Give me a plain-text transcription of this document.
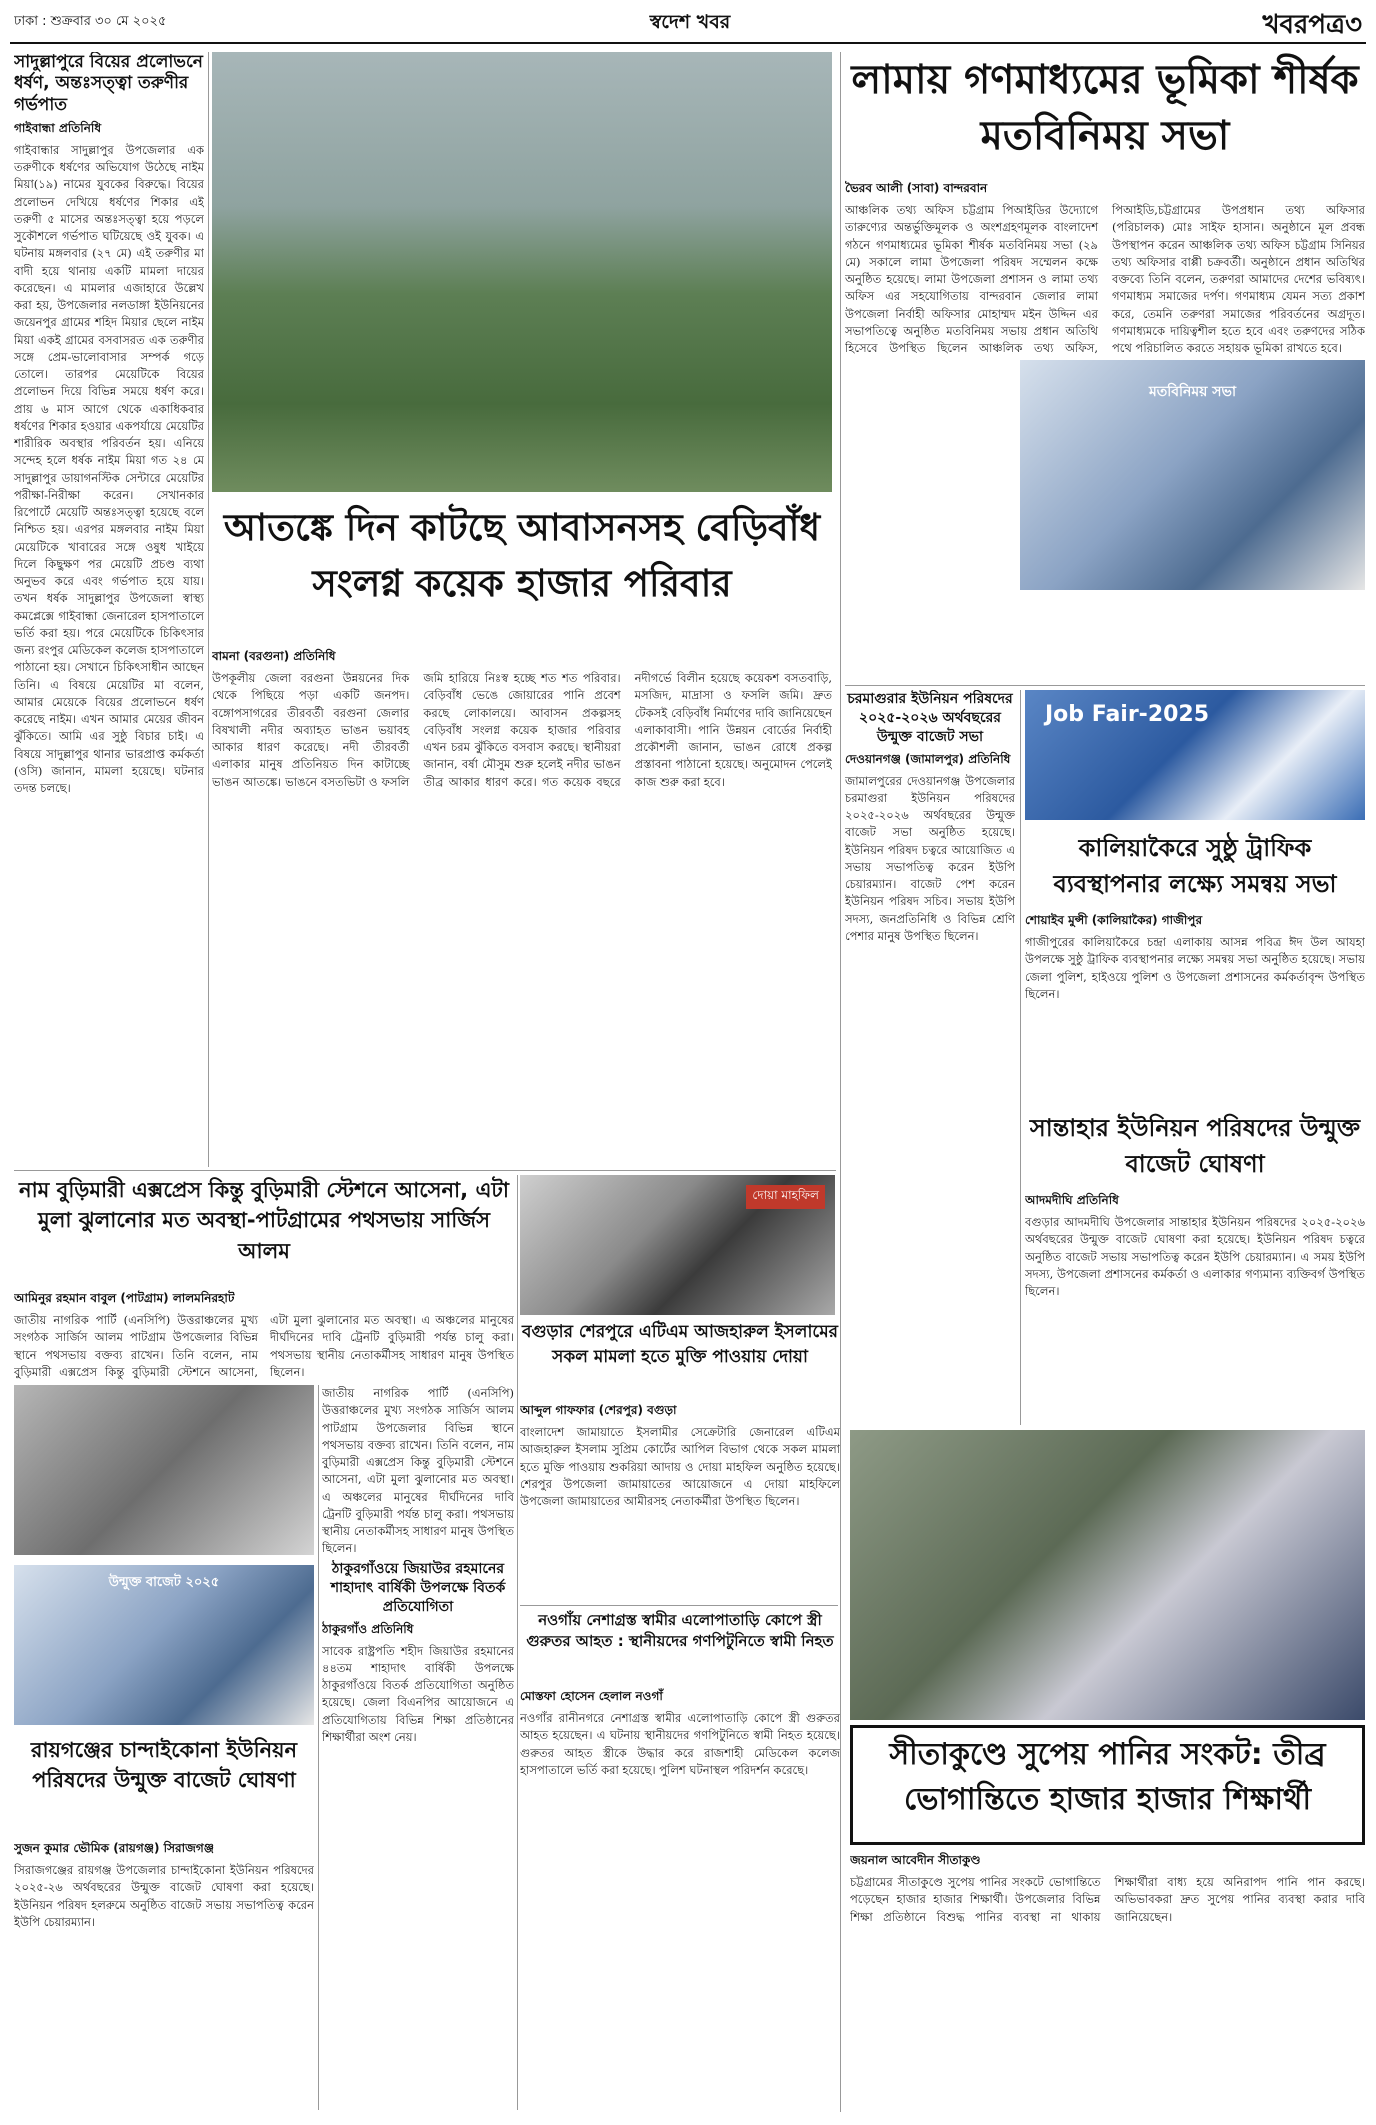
ঢাকা : শুক্রবার ৩০ মে ২০২৫	স্বদেশ খবর	খবরপত্র৩
সাদুল্লাপুরে বিয়ের প্রলোভনে ধর্ষণ, অন্তঃসত্ত্বা তরুণীর গর্ভপাত
গাইবান্ধা প্রতিনিধি
গাইবান্ধার সাদুল্লাপুর উপজেলার এক তরুণীকে ধর্ষণের অভিযোগ উঠেছে নাইম মিয়া(১৯) নামের যুবকের বিরুদ্ধে। বিয়ের প্রলোভন দেখিয়ে ধর্ষণের শিকার এই তরুণী ৫ মাসের অন্তঃসত্ত্বা হয়ে পড়লে সুকৌশলে গর্ভপাত ঘটিয়েছে ওই যুবক। এ ঘটনায় মঙ্গলবার (২৭ মে) এই তরুণীর মা বাদী হয়ে থানায় একটি মামলা দায়ের করেছেন। এ মামলার এজাহারে উল্লেখ করা হয়, উপজেলার নলডাঙ্গা ইউনিয়নের জয়েনপুর গ্রামের শহিদ মিয়ার ছেলে নাইম মিয়া একই গ্রামের বসবাসরত এক তরুণীর সঙ্গে প্রেম-ভালোবাসার সম্পর্ক গড়ে তোলে। তারপর মেয়েটিকে বিয়ের প্রলোভন দিয়ে বিভিন্ন সময়ে ধর্ষণ করে। প্রায় ৬ মাস আগে থেকে একাধিকবার ধর্ষণের শিকার হওয়ার একপর্যায়ে মেয়েটির শারীরিক অবস্থার পরিবর্তন হয়। এনিয়ে সন্দেহ হলে ধর্ষক নাইম মিয়া গত ২৪ মে সাদুল্লাপুর ডায়াগনস্টিক সেন্টারে মেয়েটির পরীক্ষা-নিরীক্ষা করেন। সেখানকার রিপোর্টে মেয়েটি অন্তঃসত্ত্বা হয়েছে বলে নিশ্চিত হয়। এরপর মঙ্গলবার নাইম মিয়া মেয়েটিকে খাবারের সঙ্গে ওষুধ খাইয়ে দিলে কিছুক্ষণ পর মেয়েটি প্রচণ্ড ব্যথা অনুভব করে এবং গর্ভপাত হয়ে যায়। তখন ধর্ষক সাদুল্লাপুর উপজেলা স্বাস্থ্য কমপ্লেক্সে গাইবান্ধা জেনারেল হাসপাতালে ভর্তি করা হয়। পরে মেয়েটিকে চিকিৎসার জন্য রংপুর মেডিকেল কলেজ হাসপাতালে পাঠানো হয়। সেখানে চিকিৎসাধীন আছেন তিনি। এ বিষয়ে মেয়েটির মা বলেন, আমার মেয়েকে বিয়ের প্রলোভনে ধর্ষণ করেছে নাইম। এখন আমার মেয়ের জীবন ঝুঁকিতে। আমি এর সুষ্ঠু বিচার চাই। এ বিষয়ে সাদুল্লাপুর থানার ভারপ্রাপ্ত কর্মকর্তা (ওসি) জানান, মামলা হয়েছে। ঘটনার তদন্ত চলছে।
আতঙ্কে দিন কাটছে আবাসনসহ বেড়িবাঁধ সংলগ্ন কয়েক হাজার পরিবার
বামনা (বরগুনা) প্রতিনিধি
উপকূলীয় জেলা বরগুনা উন্নয়নের দিক থেকে পিছিয়ে পড়া একটি জনপদ। বঙ্গোপসাগরের তীরবর্তী বরগুনা জেলার বিষখালী নদীর অব্যাহত ভাঙন ভয়াবহ আকার ধারণ করেছে। নদী তীরবর্তী এলাকার মানুষ প্রতিনিয়ত দিন কাটাচ্ছে ভাঙন আতঙ্কে। ভাঙনে বসতভিটা ও ফসলি জমি হারিয়ে নিঃস্ব হচ্ছে শত শত পরিবার। বেড়িবাঁধ ভেঙে জোয়ারের পানি প্রবেশ করছে লোকালয়ে। আবাসন প্রকল্পসহ বেড়িবাঁধ সংলগ্ন কয়েক হাজার পরিবার এখন চরম ঝুঁকিতে বসবাস করছে। স্থানীয়রা জানান, বর্ষা মৌসুম শুরু হলেই নদীর ভাঙন তীব্র আকার ধারণ করে। গত কয়েক বছরে নদীগর্ভে বিলীন হয়েছে কয়েকশ বসতবাড়ি, মসজিদ, মাদ্রাসা ও ফসলি জমি। দ্রুত টেকসই বেড়িবাঁধ নির্মাণের দাবি জানিয়েছেন এলাকাবাসী। পানি উন্নয়ন বোর্ডের নির্বাহী প্রকৌশলী জানান, ভাঙন রোধে প্রকল্প প্রস্তাবনা পাঠানো হয়েছে। অনুমোদন পেলেই কাজ শুরু করা হবে।
লামায় গণমাধ্যমের ভূমিকা শীর্ষক মতবিনিময় সভা
ভৈরব আলী (সাবা) বান্দরবান
আঞ্চলিক তথ্য অফিস চট্টগ্রাম পিআইডির উদ্যোগে তারুণ্যের অন্তর্ভুক্তিমূলক ও অংশগ্রহণমূলক বাংলাদেশ গঠনে গণমাধ্যমের ভূমিকা শীর্ষক মতবিনিময় সভা (২৯ মে) সকালে লামা উপজেলা পরিষদ সম্মেলন কক্ষে অনুষ্ঠিত হয়েছে। লামা উপজেলা প্রশাসন ও লামা তথ্য অফিস এর সহযোগিতায় বান্দরবান জেলার লামা উপজেলা নির্বাহী অফিসার মোহাম্মদ মইন উদ্দিন এর সভাপতিত্বে অনুষ্ঠিত মতবিনিময় সভায় প্রধান অতিথি হিসেবে উপস্থিত ছিলেন আঞ্চলিক তথ্য অফিস, পিআইডি,চট্টগ্রামের উপপ্রধান তথ্য অফিসার (পরিচালক) মোঃ সাইফ হাসান। অনুষ্ঠানে মূল প্রবন্ধ উপস্থাপন করেন আঞ্চলিক তথ্য অফিস চট্টগ্রাম সিনিয়র তথ্য অফিসার বাপ্পী চক্রবর্তী। অনুষ্ঠানে প্রধান অতিথির বক্তব্যে তিনি বলেন, তরুণরা আমাদের দেশের ভবিষ্যৎ। গণমাধ্যম সমাজের দর্পণ। গণমাধ্যম যেমন সত্য প্রকাশ করে, তেমনি তরুণরা সমাজের পরিবর্তনের অগ্রদূত। গণমাধ্যমকে দায়িত্বশীল হতে হবে এবং তরুণদের সঠিক পথে পরিচালিত করতে সহায়ক ভূমিকা রাখতে হবে।
মতবিনিময় সভা
চরমাগুরার ইউনিয়ন পরিষদের ২০২৫-২০২৬ অর্থবছরের উন্মুক্ত বাজেট সভা
দেওয়ানগঞ্জ (জামালপুর) প্রতিনিধি
জামালপুরের দেওয়ানগঞ্জ উপজেলার চরমাগুরা ইউনিয়ন পরিষদের ২০২৫-২০২৬ অর্থবছরের উন্মুক্ত বাজেট সভা অনুষ্ঠিত হয়েছে। ইউনিয়ন পরিষদ চত্বরে আয়োজিত এ সভায় সভাপতিত্ব করেন ইউপি চেয়ারম্যান। বাজেট পেশ করেন ইউনিয়ন পরিষদ সচিব। সভায় ইউপি সদস্য, জনপ্রতিনিধি ও বিভিন্ন শ্রেণি পেশার মানুষ উপস্থিত ছিলেন।
Job Fair-2025
কালিয়াকৈরে সুষ্ঠু ট্রাফিক ব্যবস্থাপনার লক্ষ্যে সমন্বয় সভা
শোয়াইব মুন্সী (কালিয়াকৈর) গাজীপুর
গাজীপুরের কালিয়াকৈরে চন্দ্রা এলাকায় আসন্ন পবিত্র ঈদ উল আযহা উপলক্ষে সুষ্ঠু ট্রাফিক ব্যবস্থাপনার লক্ষ্যে সমন্বয় সভা অনুষ্ঠিত হয়েছে। সভায় জেলা পুলিশ, হাইওয়ে পুলিশ ও উপজেলা প্রশাসনের কর্মকর্তাবৃন্দ উপস্থিত ছিলেন।
সান্তাহার ইউনিয়ন পরিষদের উন্মুক্ত বাজেট ঘোষণা
আদমদীঘি প্রতিনিধি
বগুড়ার আদমদীঘি উপজেলার সান্তাহার ইউনিয়ন পরিষদের ২০২৫-২০২৬ অর্থবছরের উন্মুক্ত বাজেট ঘোষণা করা হয়েছে। ইউনিয়ন পরিষদ চত্বরে অনুষ্ঠিত বাজেট সভায় সভাপতিত্ব করেন ইউপি চেয়ারম্যান। এ সময় ইউপি সদস্য, উপজেলা প্রশাসনের কর্মকর্তা ও এলাকার গণ্যমান্য ব্যক্তিবর্গ উপস্থিত ছিলেন।
দোয়া মাহফিল
নাম বুড়িমারী এক্সপ্রেস কিন্তু বুড়িমারী স্টেশনে আসেনা, এটা মুলা ঝুলানোর মত অবস্থা-পাটগ্রামের পথসভায় সার্জিস আলম
আমিনুর রহমান বাবুল (পাটগ্রাম) লালমনিরহাট
জাতীয় নাগরিক পার্টি (এনসিপি) উত্তরাঞ্চলের মুখ্য সংগঠক সার্জিস আলম পাটগ্রাম উপজেলার বিভিন্ন স্থানে পথসভায় বক্তব্য রাখেন। তিনি বলেন, নাম বুড়িমারী এক্সপ্রেস কিন্তু বুড়িমারী স্টেশনে আসেনা, এটা মুলা ঝুলানোর মত অবস্থা। এ অঞ্চলের মানুষের দীর্ঘদিনের দাবি ট্রেনটি বুড়িমারী পর্যন্ত চালু করা। পথসভায় স্থানীয় নেতাকর্মীসহ সাধারণ মানুষ উপস্থিত ছিলেন।
জাতীয় নাগরিক পার্টি (এনসিপি) উত্তরাঞ্চলের মুখ্য সংগঠক সার্জিস আলম পাটগ্রাম উপজেলার বিভিন্ন স্থানে পথসভায় বক্তব্য রাখেন। তিনি বলেন, নাম বুড়িমারী এক্সপ্রেস কিন্তু বুড়িমারী স্টেশনে আসেনা, এটা মুলা ঝুলানোর মত অবস্থা। এ অঞ্চলের মানুষের দীর্ঘদিনের দাবি ট্রেনটি বুড়িমারী পর্যন্ত চালু করা। পথসভায় স্থানীয় নেতাকর্মীসহ সাধারণ মানুষ উপস্থিত ছিলেন।
বগুড়ার শেরপুরে এটিএম আজহারুল ইসলামের সকল মামলা হতে মুক্তি পাওয়ায় দোয়া
আব্দুল গাফফার (শেরপুর) বগুড়া
বাংলাদেশ জামায়াতে ইসলামীর সেক্রেটারি জেনারেল এটিএম আজহারুল ইসলাম সুপ্রিম কোর্টের আপিল বিভাগ থেকে সকল মামলা হতে মুক্তি পাওয়ায় শুকরিয়া আদায় ও দোয়া মাহফিল অনুষ্ঠিত হয়েছে। শেরপুর উপজেলা জামায়াতের আয়োজনে এ দোয়া মাহফিলে উপজেলা জামায়াতের আমীরসহ নেতাকর্মীরা উপস্থিত ছিলেন।
ঠাকুরগাঁওয়ে জিয়াউর রহমানের শাহাদাৎ বার্ষিকী উপলক্ষে বিতর্ক প্রতিযোগিতা
ঠাকুরগাঁও প্রতিনিধি
সাবেক রাষ্ট্রপতি শহীদ জিয়াউর রহমানের ৪৪তম শাহাদাৎ বার্ষিকী উপলক্ষে ঠাকুরগাঁওয়ে বিতর্ক প্রতিযোগিতা অনুষ্ঠিত হয়েছে। জেলা বিএনপির আয়োজনে এ প্রতিযোগিতায় বিভিন্ন শিক্ষা প্রতিষ্ঠানের শিক্ষার্থীরা অংশ নেয়।
উন্মুক্ত বাজেট ২০২৫
রায়গঞ্জের চান্দাইকোনা ইউনিয়ন পরিষদের উন্মুক্ত বাজেট ঘোষণা
সুজন কুমার ভৌমিক (রায়গঞ্জ) সিরাজগঞ্জ
সিরাজগঞ্জের রায়গঞ্জ উপজেলার চান্দাইকোনা ইউনিয়ন পরিষদের ২০২৫-২৬ অর্থবছরের উন্মুক্ত বাজেট ঘোষণা করা হয়েছে। ইউনিয়ন পরিষদ হলরুমে অনুষ্ঠিত বাজেট সভায় সভাপতিত্ব করেন ইউপি চেয়ারম্যান।
নওগাঁয় নেশাগ্রস্ত স্বামীর এলোপাতাড়ি কোপে স্ত্রী গুরুতর আহত : স্থানীয়দের গণপিটুনিতে স্বামী নিহত
মোস্তফা হোসেন হেলাল নওগাঁ
নওগাঁর রানীনগরে নেশাগ্রস্ত স্বামীর এলোপাতাড়ি কোপে স্ত্রী গুরুতর আহত হয়েছেন। এ ঘটনায় স্থানীয়দের গণপিটুনিতে স্বামী নিহত হয়েছে। গুরুতর আহত স্ত্রীকে উদ্ধার করে রাজশাহী মেডিকেল কলেজ হাসপাতালে ভর্তি করা হয়েছে। পুলিশ ঘটনাস্থল পরিদর্শন করেছে।	সীতাকুণ্ডে সুপেয় পানির সংকট: তীব্র ভোগান্তিতে হাজার হাজার শিক্ষার্থী
জয়নাল আবেদীন সীতাকুণ্ড
চট্টগ্রামের সীতাকুণ্ডে সুপেয় পানির সংকটে ভোগান্তিতে পড়েছেন হাজার হাজার শিক্ষার্থী। উপজেলার বিভিন্ন শিক্ষা প্রতিষ্ঠানে বিশুদ্ধ পানির ব্যবস্থা না থাকায় শিক্ষার্থীরা বাধ্য হয়ে অনিরাপদ পানি পান করছে। অভিভাবকরা দ্রুত সুপেয় পানির ব্যবস্থা করার দাবি জানিয়েছেন।
